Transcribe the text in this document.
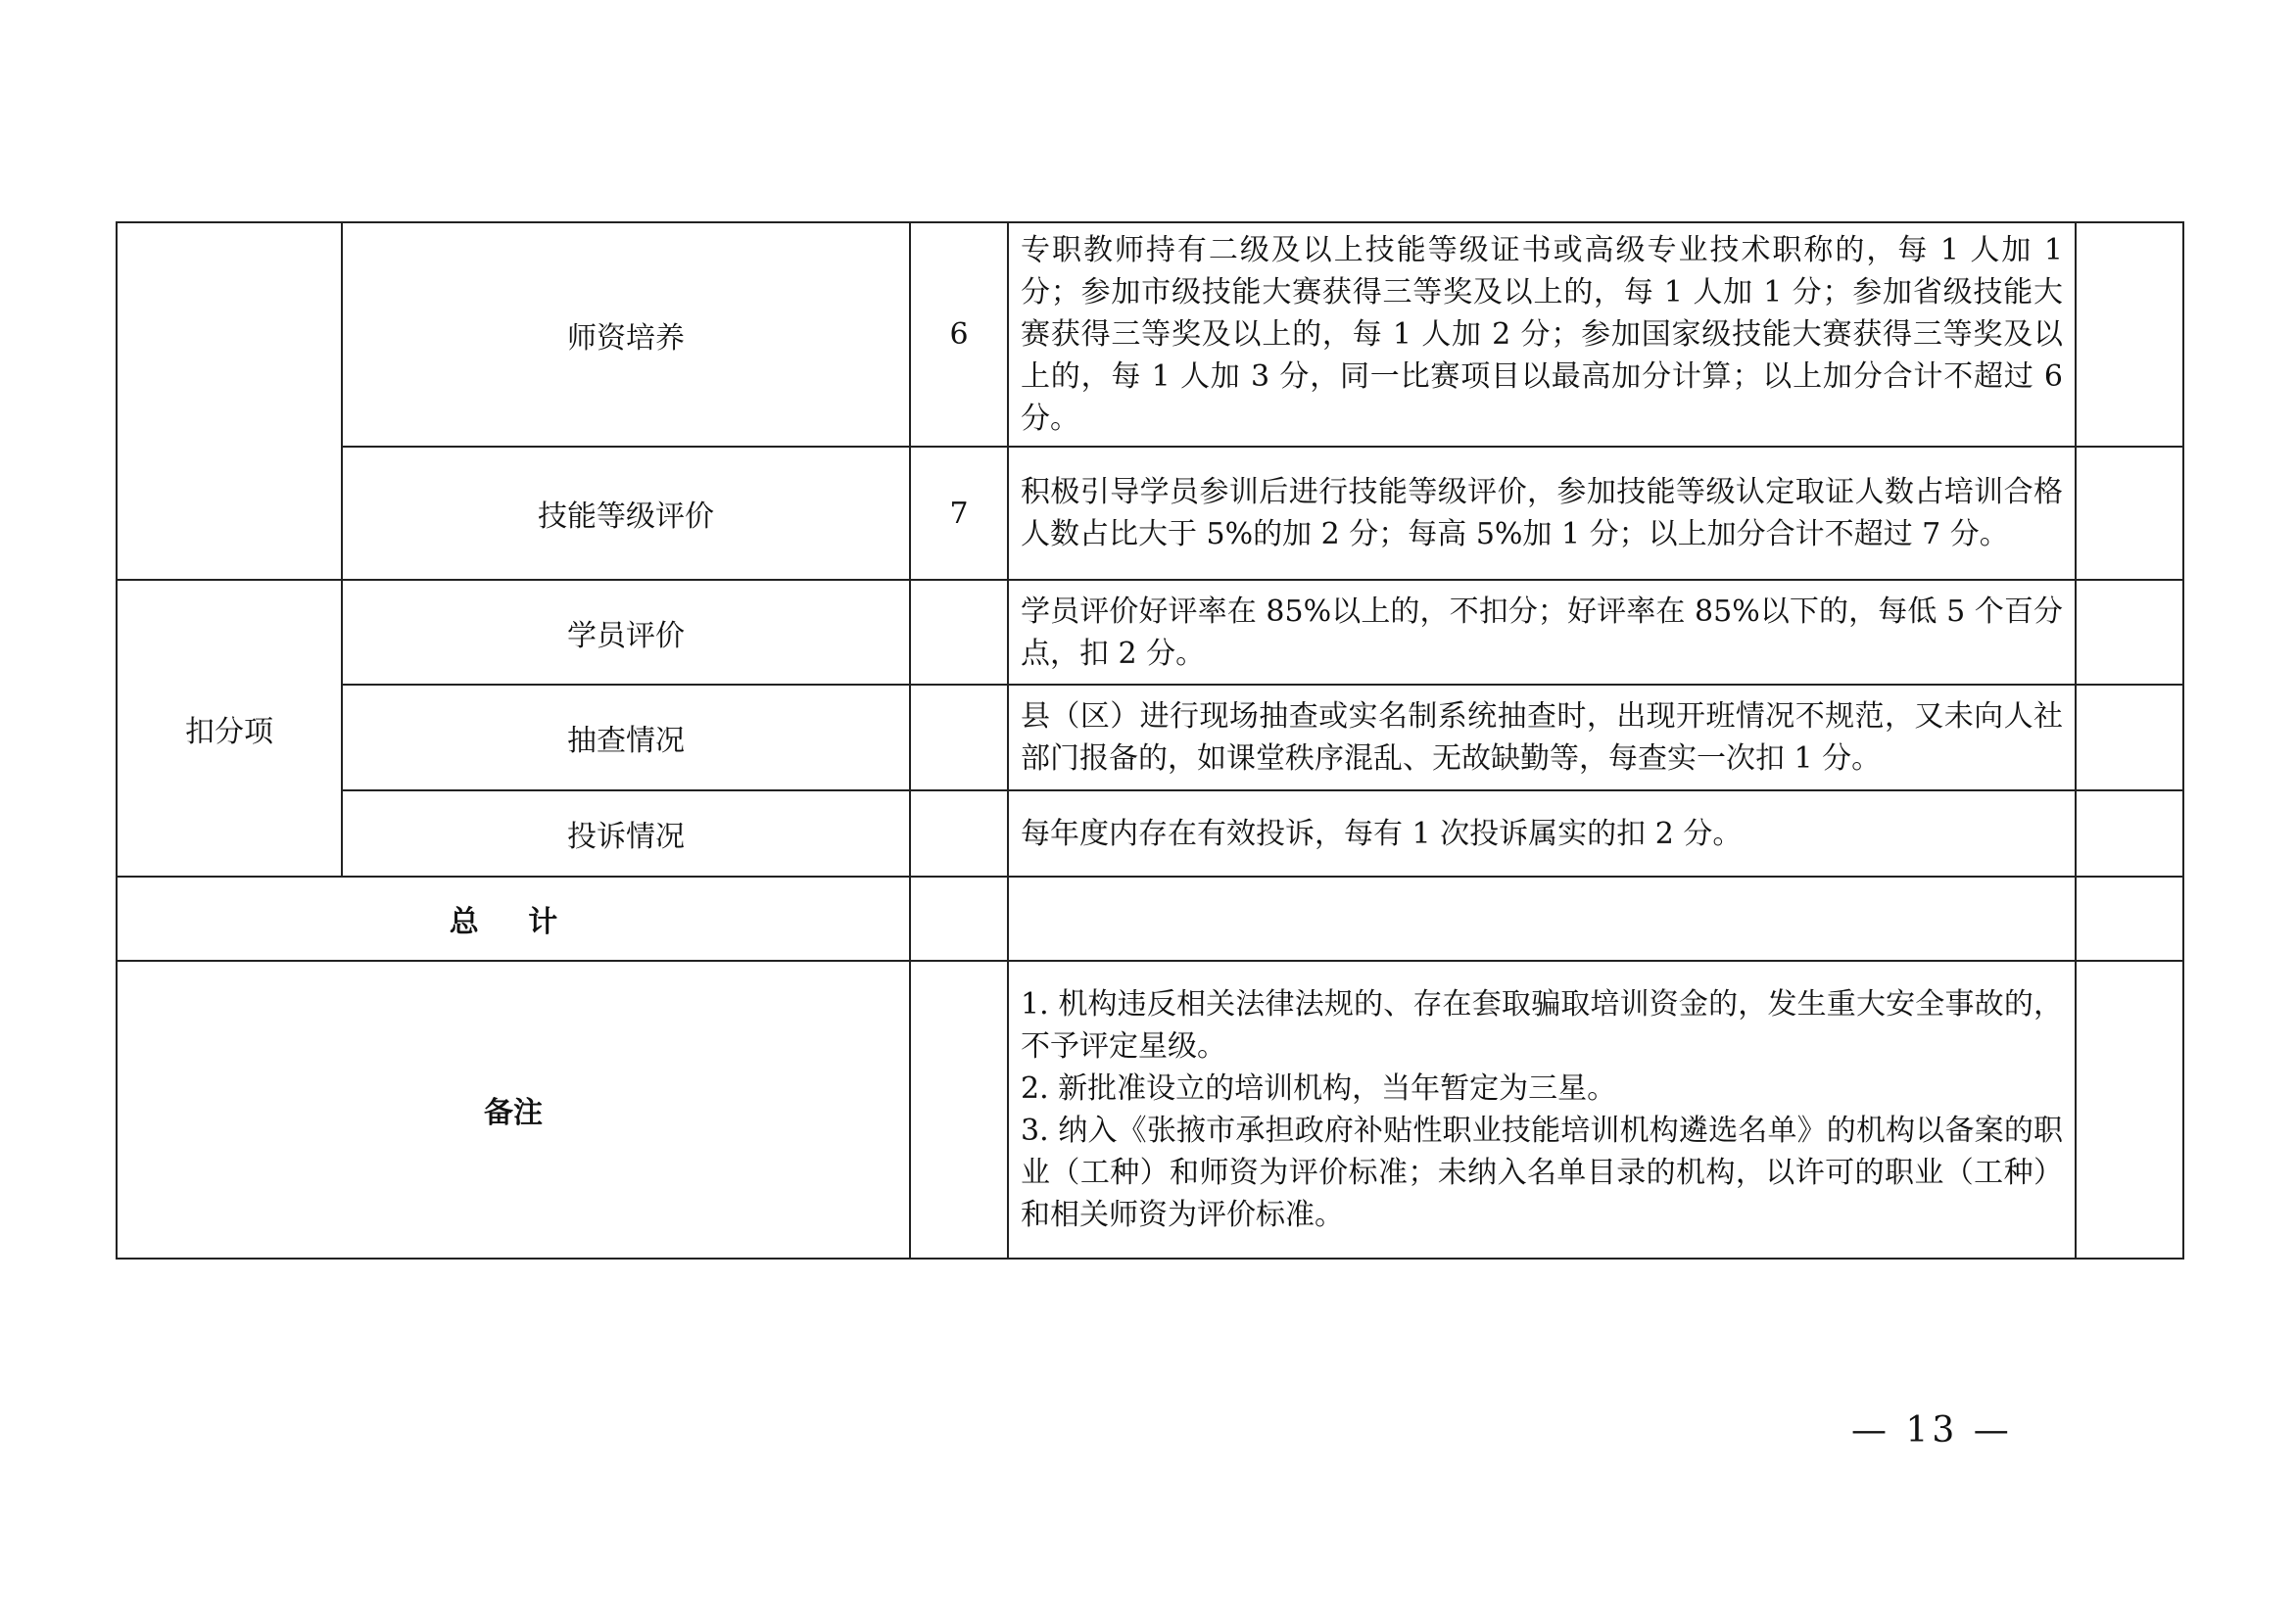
	师资培养	6	专职教师持有二级及以上技能等级证书或高级专业技术职称的，每 1 人加 1 分；参加市级技能大赛获得三等奖及以上的，每 1 人加 1 分；参加省级技能大赛获得三等奖及以上的，每 1 人加 2 分；参加国家级技能大赛获得三等奖及以上的，每 1 人加 3 分，同一比赛项目以最高加分计算；以上加分合计不超过 6 分。	
	技能等级评价	7	积极引导学员参训后进行技能等级评价，参加技能等级认定取证人数占培训合格人数占比大于 5%的加 2 分；每高 5%加 1 分；以上加分合计不超过 7 分。	
扣分项	学员评价		学员评价好评率在 85%以上的，不扣分；好评率在 85%以下的，每低 5 个百分点，扣 2 分。	
	抽查情况		县（区）进行现场抽查或实名制系统抽查时，出现开班情况不规范，又未向人社部门报备的，如课堂秩序混乱、无故缺勤等，每查实一次扣 1 分。	
	投诉情况		每年度内存在有效投诉，每有 1 次投诉属实的扣 2 分。	
总 计				
备注			1. 机构违反相关法律法规的、存在套取骗取培训资金的，发生重大安全事故的，不予评定星级。
2. 新批准设立的培训机构，当年暂定为三星。
3. 纳入《张掖市承担政府补贴性职业技能培训机构遴选名单》的机构以备案的职业（工种）和师资为评价标准；未纳入名单目录的机构，以许可的职业（工种）和相关师资为评价标准。	

— 13 —
